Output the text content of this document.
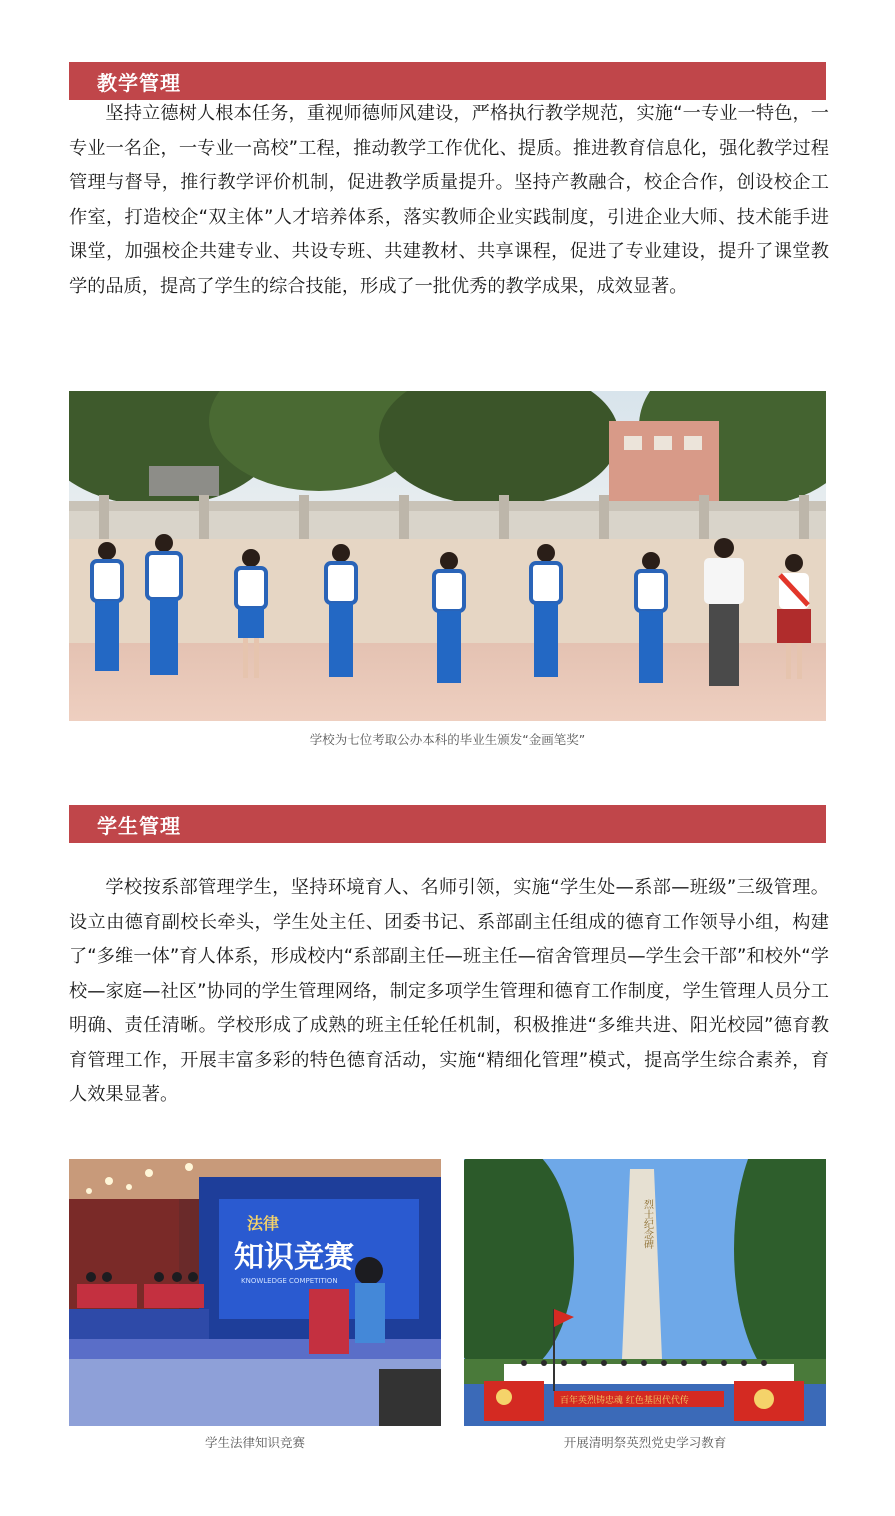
教学管理

坚持立德树人根本任务，重视师德师风建设，严格执行教学规范，实施“一专业一特色，一专业一名企，一专业一高校”工程，推动教学工作优化、提质。推进教育信息化，强化教学过程管理与督导，推行教学评价机制，促进教学质量提升。坚持产教融合，校企合作，创设校企工作室，打造校企“双主体”人才培养体系，落实教师企业实践制度，引进企业大师、技术能手进课堂，加强校企共建专业、共设专班、共建教材、共享课程，促进了专业建设，提升了课堂教学的品质，提高了学生的综合技能，形成了一批优秀的教学成果，成效显著。

学校为七位考取公办本科的毕业生颁发“金画笔奖”
学生管理

学校按系部管理学生，坚持环境育人、名师引领，实施“学生处—系部—班级”三级管理。设立由德育副校长牵头，学生处主任、团委书记、系部副主任组成的德育工作领导小组，构建了“多维一体”育人体系，形成校内“系部副主任—班主任—宿舍管理员—学生会干部”和校外“学校—家庭—社区”协同的学生管理网络，制定多项学生管理和德育工作制度，学生管理人员分工明确、责任清晰。学校形成了成熟的班主任轮任机制，积极推进“多维共进、阳光校园”德育教育管理工作，开展丰富多彩的特色德育活动，实施“精细化管理”模式，提高学生综合素养，育人效果显著。

法律
知识竞赛
KNOWLEDGE COMPETITION
学生法律知识竞赛
烈士纪念碑
百年英烈铸忠魂 红色基因代代传
开展清明祭英烈党史学习教育
